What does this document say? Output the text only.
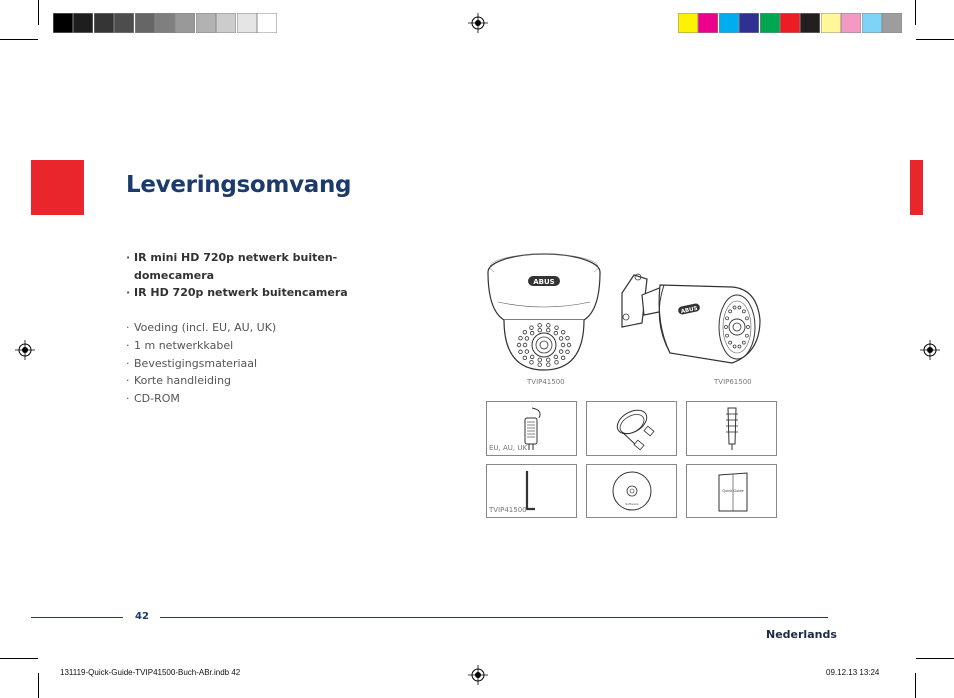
Leveringsomvang
· IR mini HD 720p netwerk buiten-
domecamera
· IR HD 720p netwerk buitencamera
· Voeding (incl. EU, AU, UK)
· 1 m netwerkkabel
· Bevestigingsmateriaal
· Korte handleiding
· CD-ROM
ABUS
TVIP41500
ABUS
TVIP61500
EU, AU, UK
TVIP41500
Software
Quick Guide
42
Nederlands
131119-Quick-Guide-TVIP41500-Buch-ABr.indb 42	09.12.13 13:24
